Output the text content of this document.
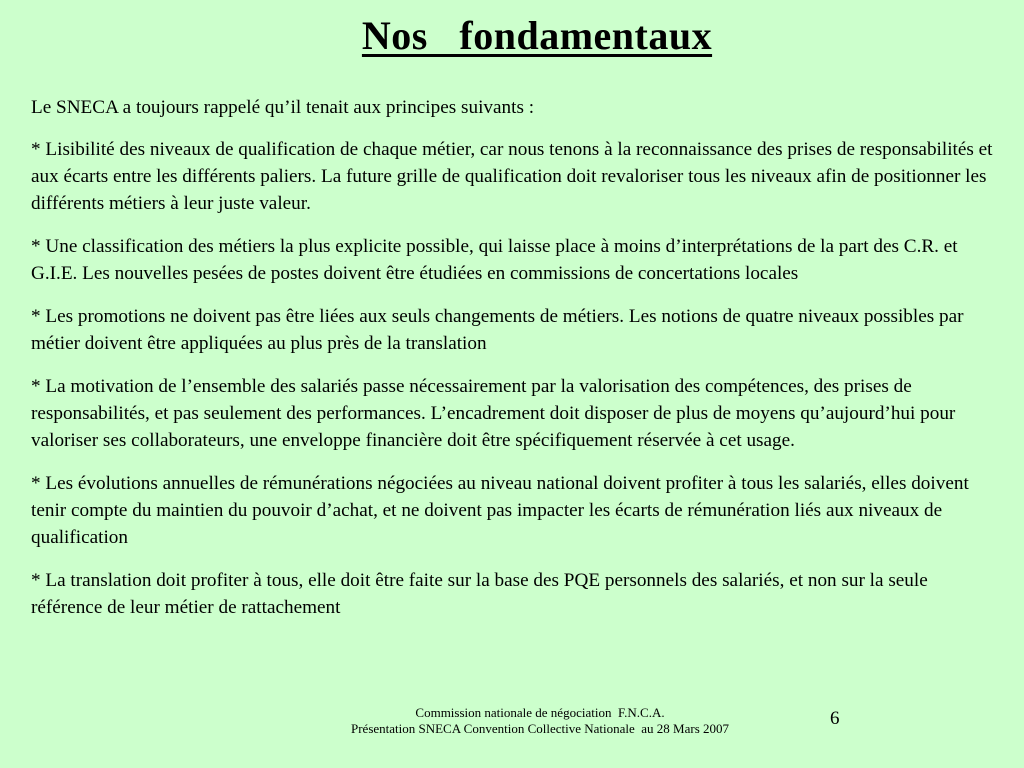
Nos   fondamentaux

Le SNECA a toujours rappelé qu’il tenait aux principes suivants :

* Lisibilité des niveaux de qualification de chaque métier, car nous tenons à la reconnaissance des prises de responsabilités et aux écarts entre les différents paliers. La future grille de qualification doit revaloriser tous les niveaux afin de positionner les différents métiers à leur juste valeur.

* Une classification des métiers la plus explicite possible, qui laisse place à moins d’interprétations de la part des C.R. et G.I.E. Les nouvelles pesées de postes doivent être étudiées en commissions de concertations locales

* Les promotions ne doivent pas être liées aux seuls changements de métiers. Les notions de quatre niveaux possibles par métier doivent être appliquées au plus près de la translation

* La motivation de l’ensemble des salariés passe nécessairement par la valorisation des compétences, des prises de responsabilités, et pas seulement des performances. L’encadrement doit disposer de plus de moyens qu’aujourd’hui pour valoriser ses collaborateurs, une enveloppe financière doit être spécifiquement réservée à cet usage.

* Les évolutions annuelles de rémunérations négociées au niveau national doivent profiter à tous les salariés, elles doivent tenir compte du maintien du pouvoir d’achat, et ne doivent pas impacter les écarts de rémunération liés aux niveaux de qualification

* La translation doit profiter à tous, elle doit être faite sur la base des PQE personnels des salariés, et non sur la seule référence de leur métier de rattachement

Commission nationale de négociation  F.N.C.A.
Présentation SNECA Convention Collective Nationale  au 28 Mars 2007	6
